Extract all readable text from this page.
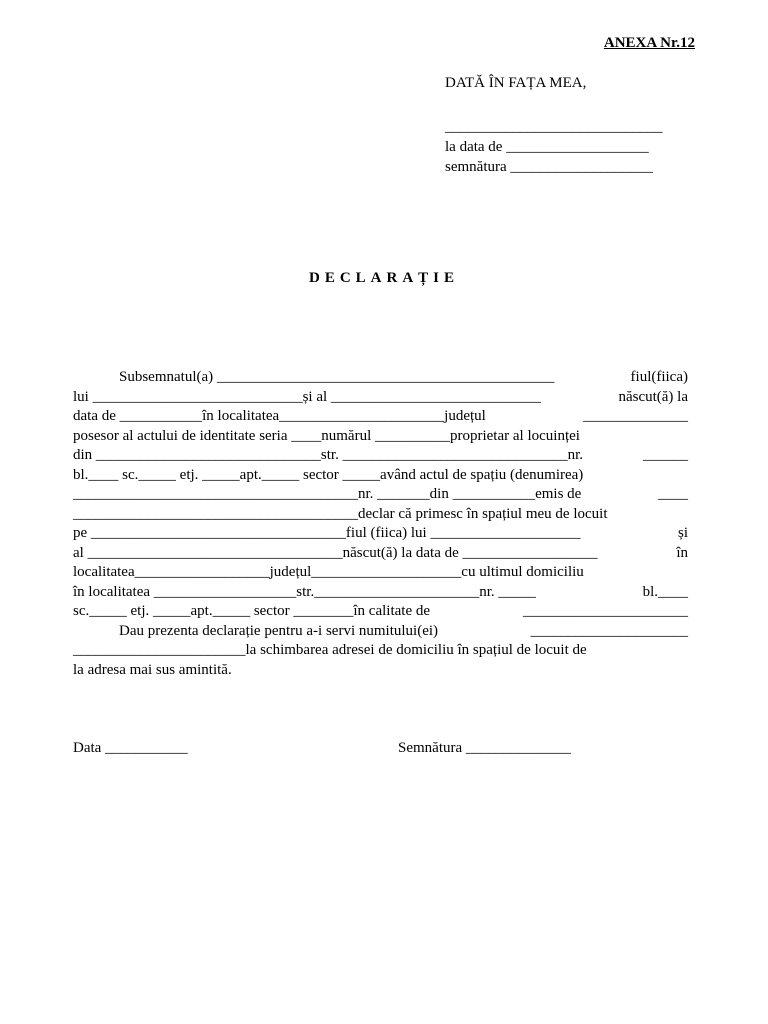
ANEXA Nr.12
DATĂ ÎN FAȚA MEA,
_____________________________
la data de ___________________
semnătura ___________________
DECLARAȚIE
Subsemnatul(a) _____________________________________________	fiul(fiica)
lui ____________________________și al ____________________________	născut(ă) la
data de ___________în localitatea______________________județul	______________
posesor al actului de identitate seria ____numărul __________proprietar al locuinței
din ______________________________str. ______________________________nr.	______
bl.____ sc._____ etj. _____apt._____ sector _____având actul de spațiu (denumirea)
______________________________________nr. _______din ___________emis de	____
______________________________________declar că primesc în spațiul meu de locuit
pe __________________________________fiul (fiica) lui ____________________	și
al __________________________________născut(ă) la data de __________________	în
localitatea__________________județul____________________cu ultimul domiciliu
în localitatea ___________________str.______________________nr. _____	bl.____
sc._____ etj. _____apt._____ sector ________în calitate de	______________________
Dau prezenta declarație pentru a-i servi numitului(ei)	_____________________
_______________________la schimbarea adresei de domiciliu în spațiul de locuit de
la adresa mai sus amintită.
Data ___________	Semnătura ______________
